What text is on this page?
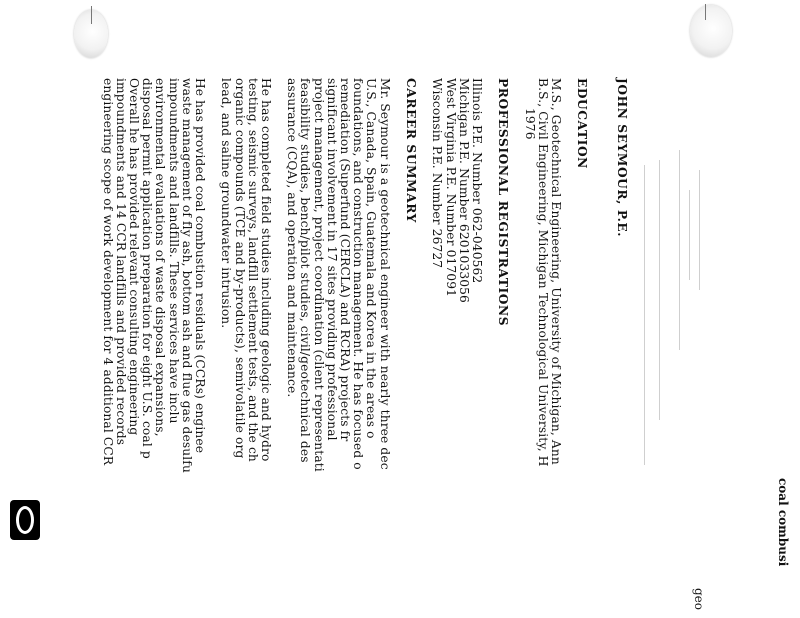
coal combusi
geo
JOHN SEYMOUR, P.E.
EDUCATION
M.S., Geotechnical Engineering, University of Michigan, Ann
B.S., Civil Engineering, Michigan Technological University, H
1976
PROFESSIONAL REGISTRATIONS
Illinois P.E. Number 062-040562
Michigan P.E. Number 6201033056
West Virginia P.E. Number 017091
Wisconsin P.E. Number 26727
CAREER SUMMARY
Mr. Seymour is a geotechnical engineer with nearly three dec
U.S., Canada, Spain, Guatemala and Korea in the areas o
foundations, and construction management. He has focused o
remediation (Superfund (CERCLA) and RCRA) projects fr
significant involvement in 17 sites providing professional
project management, project coordination (client representati
feasibility studies, bench/pilot studies, civil/geotechnical des
assurance (CQA), and operation and maintenance.
He has completed field studies including geologic and hydro
testing, seismic surveys, landfill settlement tests, and the ch
organic compounds (TCE and by-products), semivolatile org
lead, and saline groundwater intrusion.
He has provided coal combustion residuals (CCRs) enginee
waste management of fly ash, bottom ash and flue gas desulfu
impoundments and landfills. These services have inclu
environmental evaluations of waste disposal expansions,
disposal permit application preparation for eight U.S. coal p
Overall he has provided relevant consulting engineering
impoundments and 14 CCR landfills and provided records
engineering scope of work development for 4 additional CCR
